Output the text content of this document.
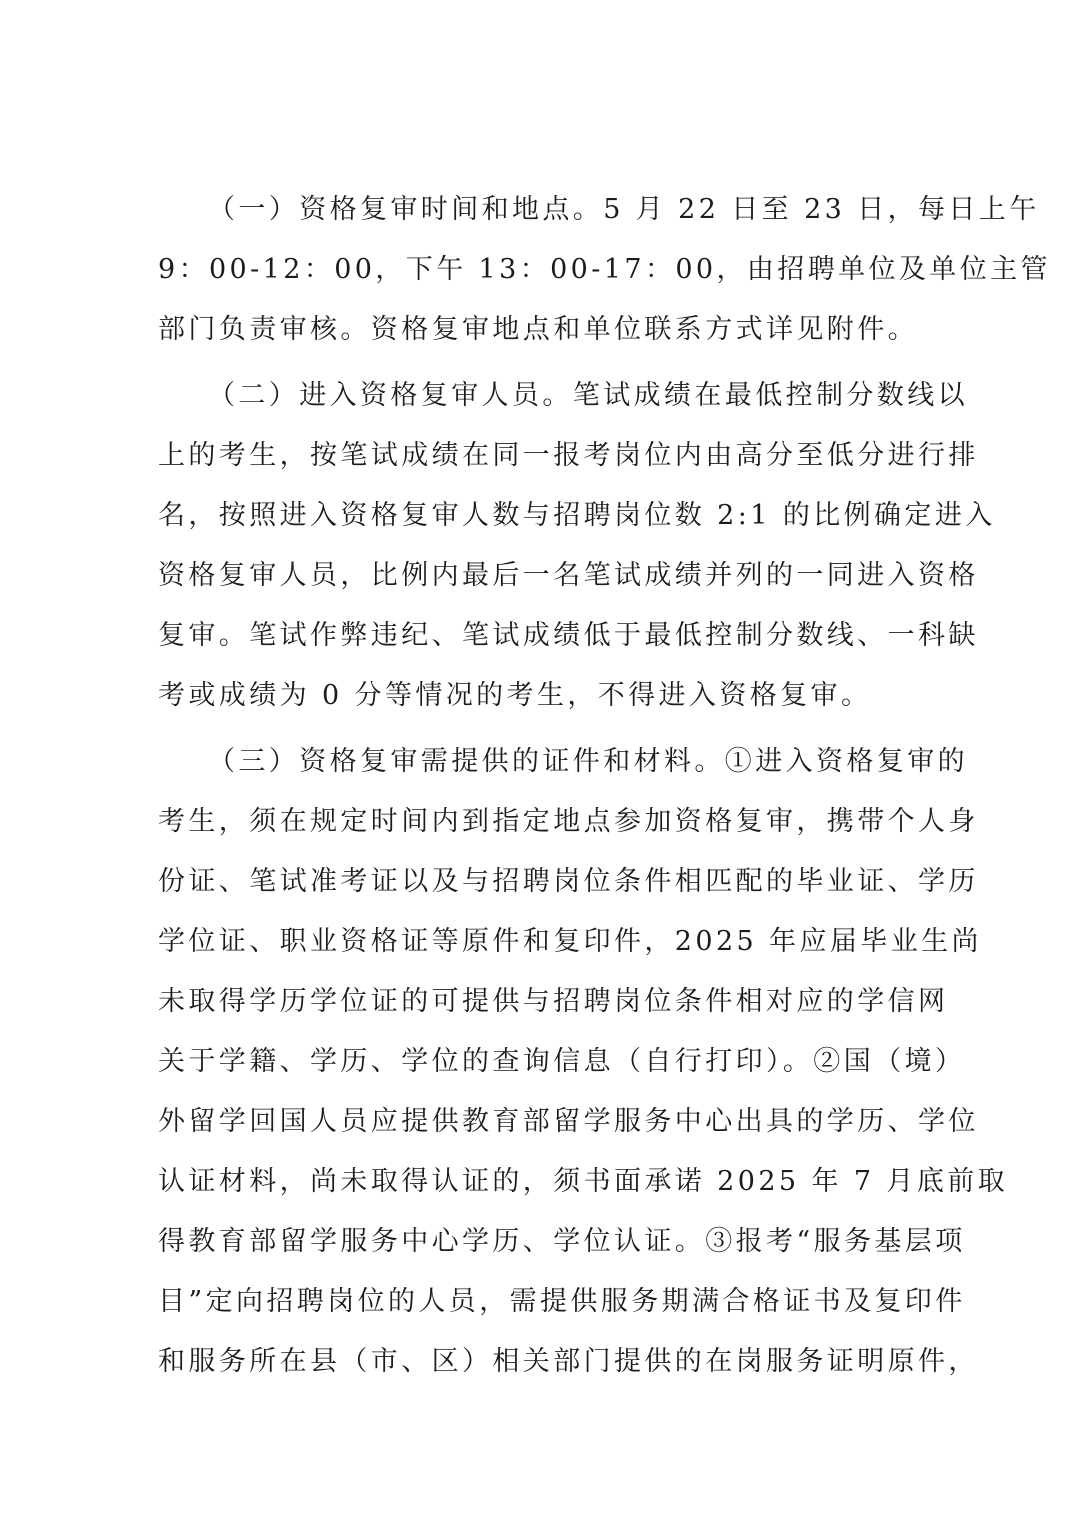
（一）资格复审时间和地点。5 月 22 日至 23 日，每日上午
9：00-12：00，下午 13：00-17：00，由招聘单位及单位主管
部门负责审核。资格复审地点和单位联系方式详见附件。
（二）进入资格复审人员。笔试成绩在最低控制分数线以
上的考生，按笔试成绩在同一报考岗位内由高分至低分进行排
名，按照进入资格复审人数与招聘岗位数 2:1 的比例确定进入
资格复审人员，比例内最后一名笔试成绩并列的一同进入资格
复审。笔试作弊违纪、笔试成绩低于最低控制分数线、一科缺
考或成绩为 0 分等情况的考生，不得进入资格复审。
（三）资格复审需提供的证件和材料。①进入资格复审的
考生，须在规定时间内到指定地点参加资格复审，携带个人身
份证、笔试准考证以及与招聘岗位条件相匹配的毕业证、学历
学位证、职业资格证等原件和复印件，2025 年应届毕业生尚
未取得学历学位证的可提供与招聘岗位条件相对应的学信网
关于学籍、学历、学位的查询信息（自行打印）。②国（境）
外留学回国人员应提供教育部留学服务中心出具的学历、学位
认证材料，尚未取得认证的，须书面承诺 2025 年 7 月底前取
得教育部留学服务中心学历、学位认证。③报考“服务基层项
目”定向招聘岗位的人员，需提供服务期满合格证书及复印件
和服务所在县（市、区）相关部门提供的在岗服务证明原件，
